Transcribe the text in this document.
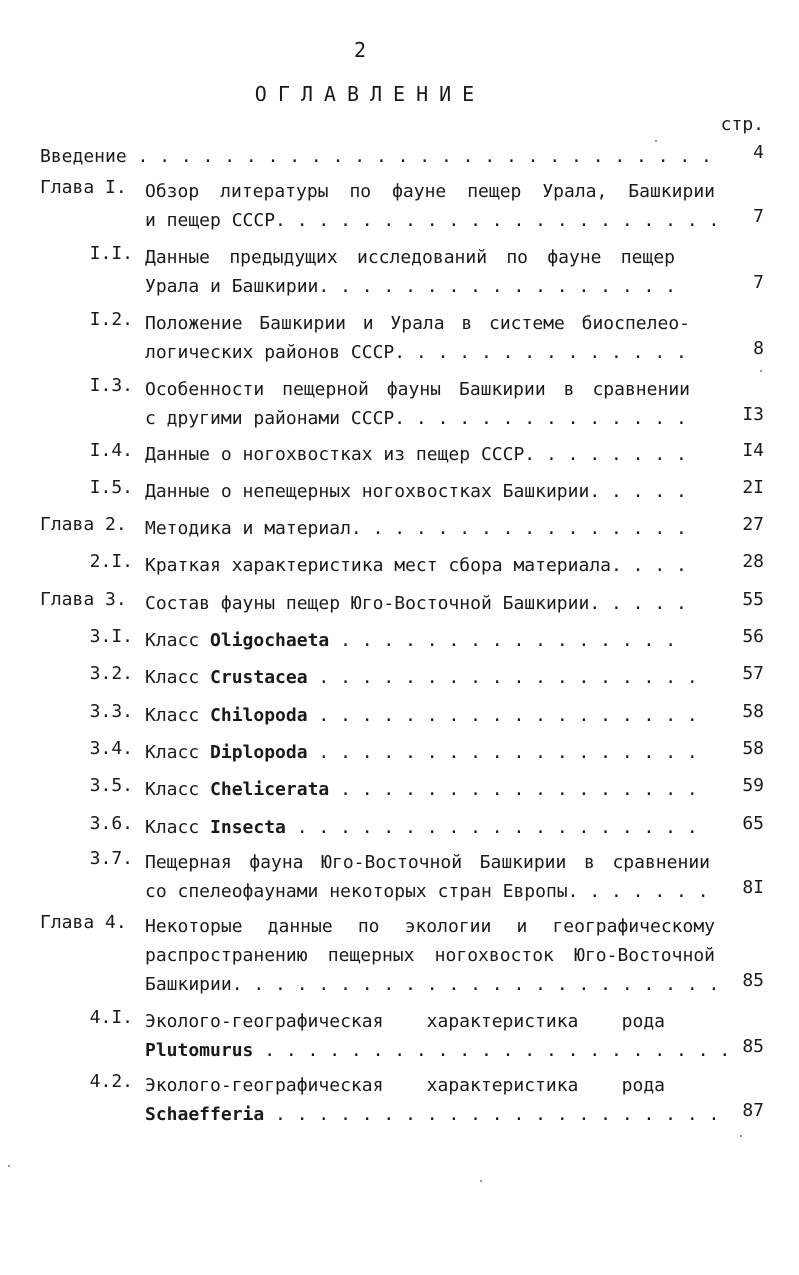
2
ОГЛАВЛЕНИЕ
стр.
Введение . . .	4
Глава I. Обзор литературы по фауне пещер Урала, Башкирии
и пещер СССР. . . .	7
I.I. Данные предыдущих исследований по фауне пещер
Урала и Башкирии. . . .	7
I.2. Положение Башкирии и Урала в системе биоспелео-
логических районов СССР. . . .	8
I.3. Особенности пещерной фауны Башкирии в сравнении
с другими районами СССР. . . .	I3
I.4. Данные о ногохвостках из пещер СССР. . . .	I4
I.5. Данные о непещерных ногохвостках Башкирии. . . .	2I
Глава 2. Методика и материал. . . .	27
2.I. Краткая характеристика мест сбора материала. . . .	28
Глава 3. Состав фауны пещер Юго-Восточной Башкирии. . . .	55
3.I. Класс Oligochaeta . . .	56
3.2. Класс Crustacea . . .	57
3.3. Класс Chilopoda . . .	58
3.4. Класс Diplopoda . . .	58
3.5. Класс Chelicerata . . .	59
3.6. Класс Insecta . . .	65
3.7. Пещерная фауна Юго-Восточной Башкирии в сравнении
со спелеофаунами некоторых стран Европы. . . .	8I
Глава 4. Некоторые данные по экологии и географическому
распространению пещерных ногохвосток Юго-Восточной
Башкирии. . . .	85
4.I. Эколого-географическая характеристика рода
Plutomurus . . .	85
4.2. Эколого-географическая характеристика рода
Schaefferia . . .	87
